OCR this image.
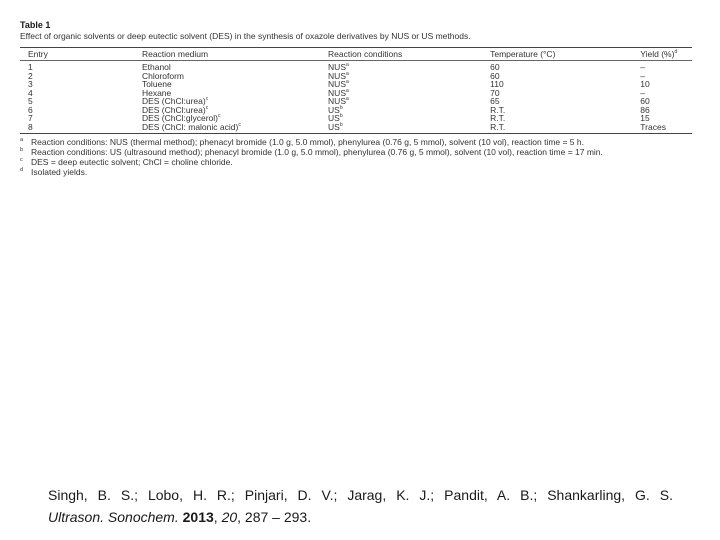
Table 1
Effect of organic solvents or deep eutectic solvent (DES) in the synthesis of oxazole derivatives by NUS or US methods.
Entry	Reaction medium	Reaction conditions	Temperature (°C)	Yield (%)$^d$

1	Ethanol	NUS$^a$	60	–
2	Chloroform	NUS$^a$	60	–
3	Toluene	NUS$^a$	110	10
4	Hexane	NUS$^a$	70	–
5	DES (ChCl:urea)$^c$	NUS$^a$	65	60
6	DES (ChCl:urea)$^c$	$US^b$	R.T.	86
7	DES (ChCl:glycerol)$^c$	$US^b$	R.T.	15
8	DES (ChCl: malonic acid)$^c$	$US^b$	R.T.	Traces
a Reaction conditions: NUS (thermal method); phenacyl bromide (1.0 g, 5.0 mmol), phenylurea (0.76 g, 5 mmol), solvent (10 vol), reaction time = 5 h.
b Reaction conditions: US (ultrasound method); phenacyl bromide (1.0 g, 5.0 mmol), phenylurea (0.76 g, 5 mmol), solvent (10 vol), reaction time = 17 min.
c DES = deep eutectic solvent; ChCl = choline chloride.
d Isolated yields.
Singh, B. S.; Lobo, H. R.; Pinjari, D. V.; Jarag, K. J.; Pandit, A. B.; Shankarling, G. S.
Ultrason. Sonochem. 2013, 20, 287 – 293.
